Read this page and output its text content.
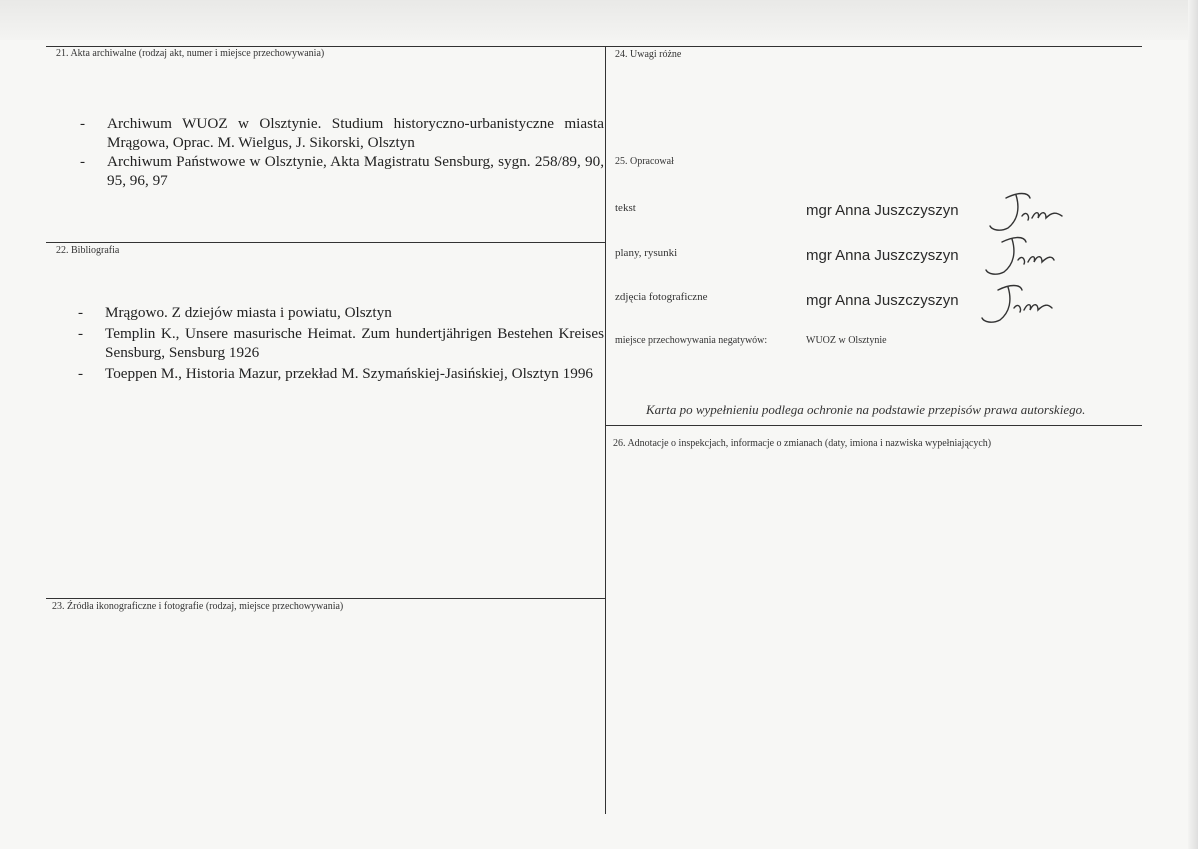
21. Akta archiwalne (rodzaj akt, numer i miejsce przechowywania)
- Archiwum WUOZ w Olsztynie. Studium historyczno-urbanistyczne miasta Mrągowa, Oprac. M. Wielgus, J. Sikorski, Olsztyn
- Archiwum Państwowe w Olsztynie, Akta Magistratu Sensburg, sygn. 258/89, 90, 95, 96, 97
22. Bibliografia
- Mrągowo. Z dziejów miasta i powiatu, Olsztyn
- Templin K., Unsere masurische Heimat. Zum hundertjährigen Bestehen Kreises Sensburg, Sensburg 1926
- Toeppen M., Historia Mazur, przekład M. Szymańskiej-Jasińskiej, Olsztyn 1996
23. Źródła ikonograficzne i fotografie (rodzaj, miejsce przechowywania)
24. Uwagi różne
25. Opracował
tekst	mgr Anna Juszczyszyn
plany, rysunki	mgr Anna Juszczyszyn
zdjęcia fotograficzne	mgr Anna Juszczyszyn
miejsce przechowywania negatywów:	WUOZ w Olsztynie
Karta po wypełnieniu podlega ochronie na podstawie przepisów prawa autorskiego.
26. Adnotacje o inspekcjach, informacje o zmianach (daty, imiona i nazwiska wypełniających)
